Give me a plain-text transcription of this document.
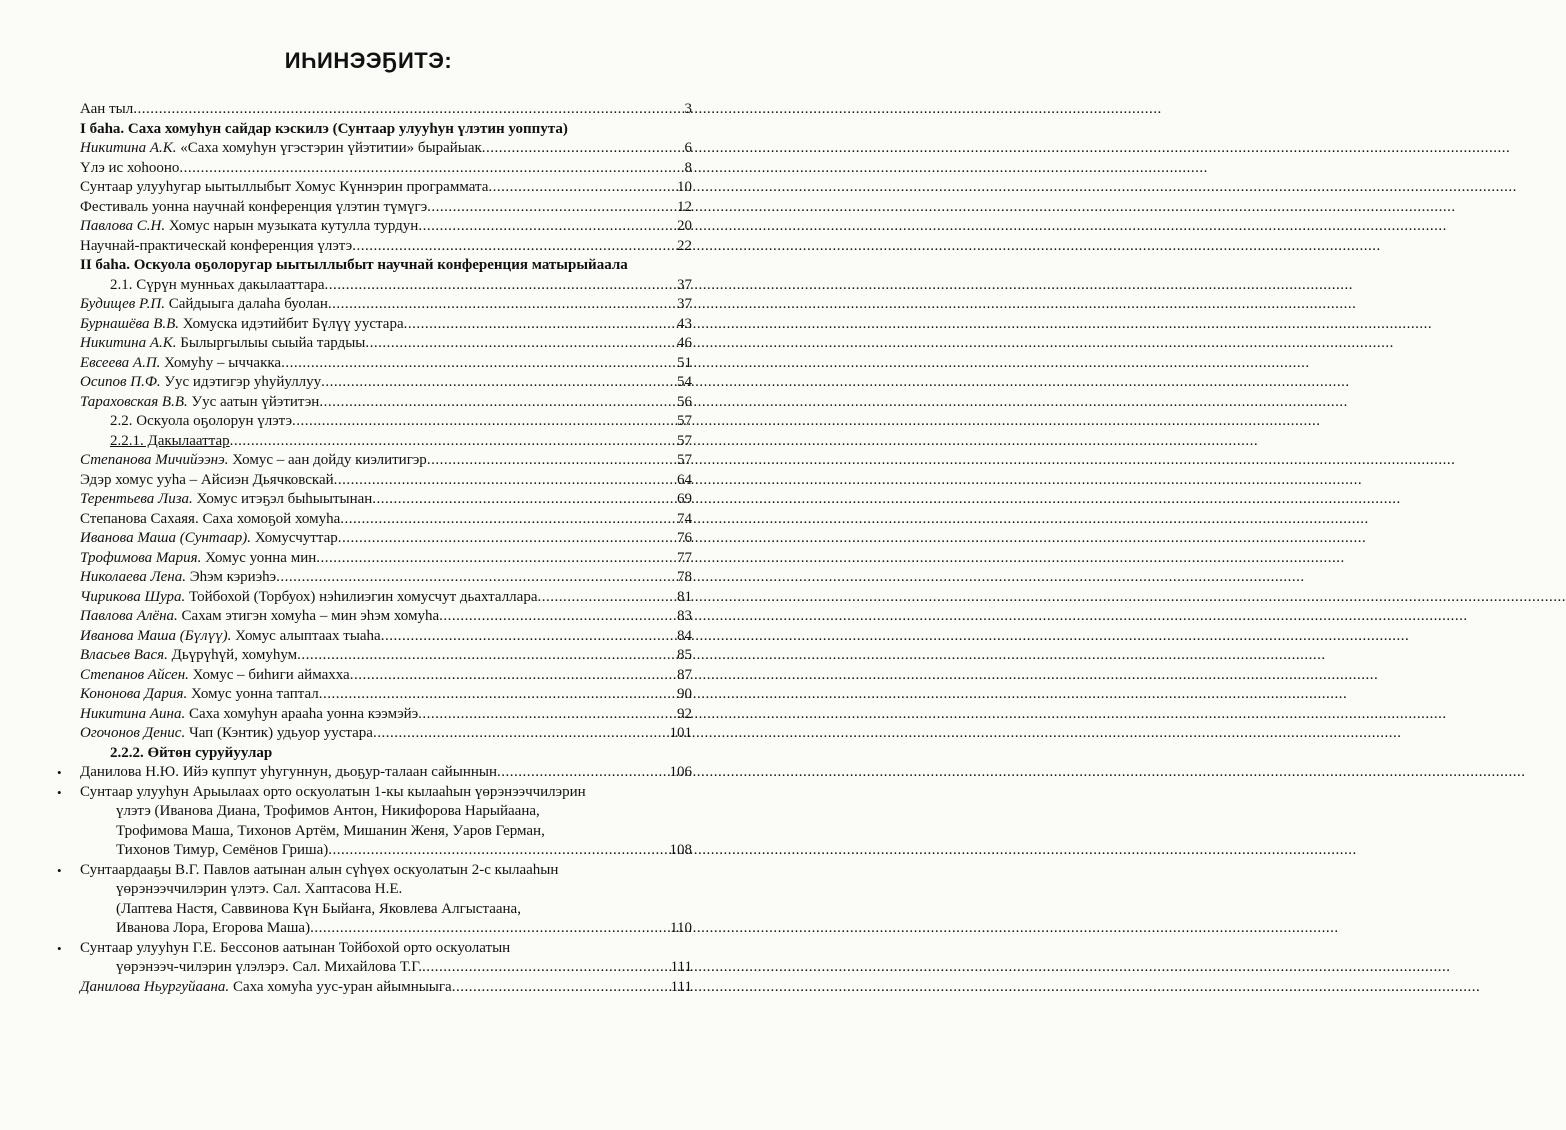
ИҺИНЭЭҔИТЭ:
Аан тыл .....	3
I баһа. Саха хомуһун сайдар кэскилэ (Сунтаар улууһун үлэтин уоппута)
Никитина А.К. «Саха хомуһун үгэстэрин үйэтитии» бырайыак .....	6
Үлэ ис хоһооно .....	8
Сунтаар улууһугар ыытыллыбыт Хомус Күннэрин программата .....	10
Фестиваль уонна научнай конференция үлэтин түмүгэ .....	12
Павлова С.Н. Хомус нарын музыката кутулла турдун .....	20
Научнай-практическай конференция үлэтэ .....	22
II баһа. Оскуола оҕолоругар ыытыллыбыт научнай конференция матырыйаала
2.1. Сүрүн мунньах дакылааттара .....	37
Будищев Р.П. Сайдыыга далаһа буолан .....	37
Бурнашёва В.В. Хомуска идэтийбит Бүлүү уустара .....	43
Никитина А.К. Былыргылыы сыыйа тардыы .....	46
Евсеева А.П. Хомуһу – ыччакка .....	51
Осипов П.Ф. Уус идэтигэр уһуйуллуу .....	54
Тараховская В.В. Уус аатын үйэтитэн .....	56
2.2. Оскуола оҕолорун үлэтэ .....	57
2.2.1. Дакылааттар .....	57
Степанова Мичийээнэ. Хомус – аан дойду киэлитигэр .....	57
Эдэр хомус ууһа – Айсиэн Дьячковскай .....	64
Терентьева Лиза. Хомус итэҕэл быһыытынан .....	69
Степанова Сахаяя. Саха хомоҕой хомуһа .....	74
Иванова Маша (Сунтаар). Хомусчуттар .....	76
Трофимова Мария. Хомус уонна мин .....	77
Николаева Лена. Эһэм кэриэһэ .....	78
Чирикова Шура. Тойбохой (Торбуох) нэһилиэгин хомусчут дьахталлара .....	81
Павлова Алёна. Сахам этигэн хомуһа – мин эһэм хомуһа .....	83
Иванова Маша (Бүлүү). Хомус алыптаах тыаһа .....	84
Власьев Вася. Дьүрүһүй, хомуһум .....	85
Степанов Айсен. Хомус – биһиги аймахха .....	87
Кононова Дария. Хомус уонна таптал .....	90
Никитина Аина. Саха хомуһун арааһа уонна кээмэйэ .....	92
Огочонов Денис. Чап (Кэнтик) удьуор уустара .....	101
2.2.2. Өйтөн суруйуулар
Данилова Н.Ю. Ийэ куппут уһугуннун, дьоҕур-талаан сайыннын .....	106
•
Сунтаар улууһун Арыылаах орто оскуолатын 1-кы кылааһын үөрэнээччилэрин
•
үлэтэ (Иванова Диана, Трофимов Антон, Никифорова Нарыйаана,
Трофимова Маша, Тихонов Артём, Мишанин Женя, Уаров Герман,
Тихонов Тимур, Семёнов Гриша) .....	108
Сунтаардааҕы В.Г. Павлов аатынан алын сүһүөх оскуолатын 2-с кылааһын
•
үөрэнээччилэрин үлэтэ. Сал. Хаптасова Н.Е.
(Лаптева Настя, Саввинова Күн Быйаҥа, Яковлева Алгыстаана,
Иванова Лора, Егорова Маша) .....	110
Сунтаар улууһун Г.Е. Бессонов аатынан Тойбохой орто оскуолатын
•
үөрэнээч-чилэрин үлэлэрэ. Сал. Михайлова Т.Г. .....	111
Данилова Ньургуйаана. Саха хомуһа уус-уран айымныыга .....	111
